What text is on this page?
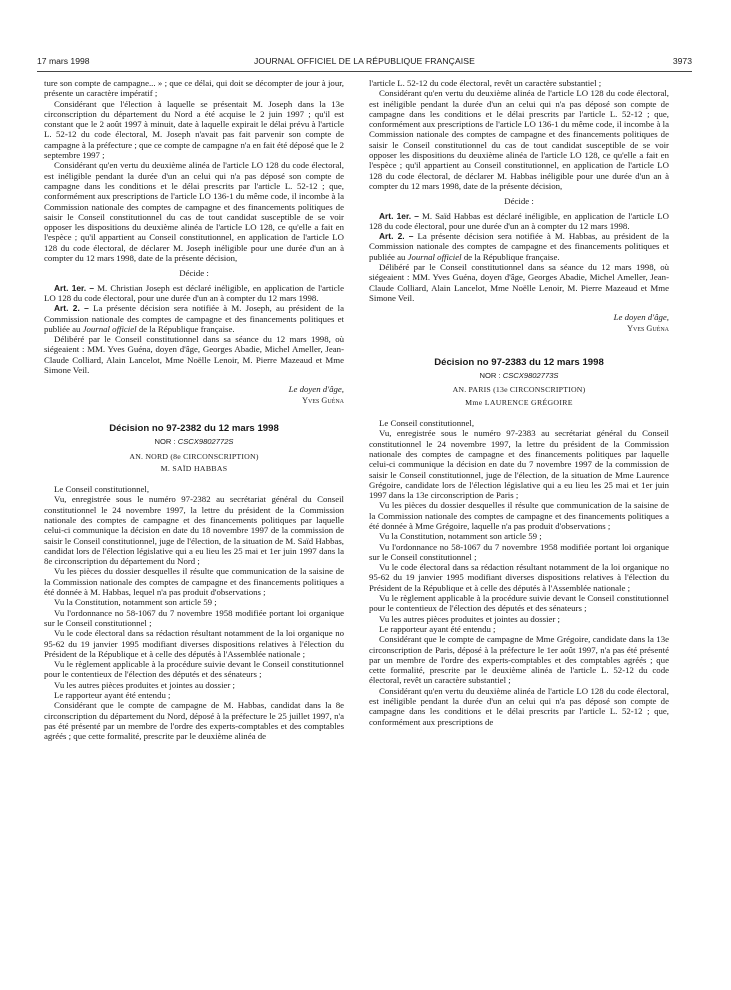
17 mars 1998	JOURNAL OFFICIEL DE LA RÉPUBLIQUE FRANÇAISE	3973

ture son compte de campagne... » ; que ce délai, qui doit se décompter de jour à jour, présente un caractère impératif ;

Considérant que l'élection à laquelle se présentait M. Joseph dans la 13e circonscription du département du Nord a été acquise le 2 juin 1997 ; qu'il est constant que le 2 août 1997 à minuit, date à laquelle expirait le délai prévu à l'article L. 52-12 du code électoral, M. Joseph n'avait pas fait parvenir son compte de campagne à la préfecture ; que ce compte de campagne n'a en fait été déposé que le 2 septembre 1997 ;

Considérant qu'en vertu du deuxième alinéa de l'article LO 128 du code électoral, est inéligible pendant la durée d'un an celui qui n'a pas déposé son compte de campagne dans les conditions et le délai prescrits par l'article L. 52-12 ; que, conformément aux prescriptions de l'article LO 136-1 du même code, il incombe à la Commission nationale des comptes de campagne et des financements politiques de saisir le Conseil constitutionnel du cas de tout candidat susceptible de se voir opposer les dispositions du deuxième alinéa de l'article LO 128, ce qu'elle a fait en l'espèce ; qu'il appartient au Conseil constitutionnel, en application de l'article LO 128 du code électoral, de déclarer M. Joseph inéligible pour une durée d'un an à compter du 12 mars 1998, date de la présente décision,

Décide :

Art. 1er. – M. Christian Joseph est déclaré inéligible, en application de l'article LO 128 du code électoral, pour une durée d'un an à compter du 12 mars 1998.

Art. 2. – La présente décision sera notifiée à M. Joseph, au président de la Commission nationale des comptes de campagne et des financements politiques et publiée au Journal officiel de la République française.

Délibéré par le Conseil constitutionnel dans sa séance du 12 mars 1998, où siégeaient : MM. Yves Guéna, doyen d'âge, Georges Abadie, Michel Ameller, Jean-Claude Colliard, Alain Lancelot, Mme Noëlle Lenoir, M. Pierre Mazeaud et Mme Simone Veil.

Le doyen d'âge,

Yves Guéna

Décision no 97-2382 du 12 mars 1998

NOR : CSCX9802772S

AN. NORD (8e CIRCONSCRIPTION)

M. SAÏD HABBAS

Le Conseil constitutionnel,

Vu, enregistrée sous le numéro 97-2382 au secrétariat général du Conseil constitutionnel le 24 novembre 1997, la lettre du président de la Commission nationale des comptes de campagne et des financements politiques par laquelle celui-ci communique la décision en date du 18 novembre 1997 de la commission de saisir le Conseil constitutionnel, juge de l'élection, de la situation de M. Saïd Habbas, candidat lors de l'élection législative qui a eu lieu les 25 mai et 1er juin 1997 dans la 8e circonscription du département du Nord ;

Vu les pièces du dossier desquelles il résulte que communication de la saisine de la Commission nationale des comptes de campagne et des financements politiques a été donnée à M. Habbas, lequel n'a pas produit d'observations ;

Vu la Constitution, notamment son article 59 ;

Vu l'ordonnance no 58-1067 du 7 novembre 1958 modifiée portant loi organique sur le Conseil constitutionnel ;

Vu le code électoral dans sa rédaction résultant notamment de la loi organique no 95-62 du 19 janvier 1995 modifiant diverses dispositions relatives à l'élection du Président de la République et à celle des députés à l'Assemblée nationale ;

Vu le règlement applicable à la procédure suivie devant le Conseil constitutionnel pour le contentieux de l'élection des députés et des sénateurs ;

Vu les autres pièces produites et jointes au dossier ;

Le rapporteur ayant été entendu ;

Considérant que le compte de campagne de M. Habbas, candidat dans la 8e circonscription du département du Nord, déposé à la préfecture le 25 juillet 1997, n'a pas été présenté par un membre de l'ordre des experts-comptables et des comptables agréés ; que cette formalité, prescrite par le deuxième alinéa de

l'article L. 52-12 du code électoral, revêt un caractère substantiel ;

Considérant qu'en vertu du deuxième alinéa de l'article LO 128 du code électoral, est inéligible pendant la durée d'un an celui qui n'a pas déposé son compte de campagne dans les conditions et le délai prescrits par l'article L. 52-12 ; que, conformément aux prescriptions de l'article LO 136-1 du même code, il incombe à la Commission nationale des comptes de campagne et des financements politiques de saisir le Conseil constitutionnel du cas de tout candidat susceptible de se voir opposer les dispositions du deuxième alinéa de l'article LO 128, ce qu'elle a fait en l'espèce ; qu'il appartient au Conseil constitutionnel, en application de l'article LO 128 du code électoral, de déclarer M. Habbas inéligible pour une durée d'un an à compter du 12 mars 1998, date de la présente décision,

Décide :

Art. 1er. – M. Saïd Habbas est déclaré inéligible, en application de l'article LO 128 du code électoral, pour une durée d'un an à compter du 12 mars 1998.

Art. 2. – La présente décision sera notifiée à M. Habbas, au président de la Commission nationale des comptes de campagne et des financements politiques et publiée au Journal officiel de la République française.

Délibéré par le Conseil constitutionnel dans sa séance du 12 mars 1998, où siégeaient : MM. Yves Guéna, doyen d'âge, Georges Abadie, Michel Ameller, Jean-Claude Colliard, Alain Lancelot, Mme Noëlle Lenoir, M. Pierre Mazeaud et Mme Simone Veil.

Le doyen d'âge,

Yves Guéna

Décision no 97-2383 du 12 mars 1998

NOR : CSCX9802773S

AN. PARIS (13e CIRCONSCRIPTION)

Mme LAURENCE GRÉGOIRE

Le Conseil constitutionnel,

Vu, enregistrée sous le numéro 97-2383 au secrétariat général du Conseil constitutionnel le 24 novembre 1997, la lettre du président de la Commission nationale des comptes de campagne et des financements politiques par laquelle celui-ci communique la décision en date du 7 novembre 1997 de la commission de saisir le Conseil constitutionnel, juge de l'élection, de la situation de Mme Laurence Grégoire, candidate lors de l'élection législative qui a eu lieu les 25 mai et 1er juin 1997 dans la 13e circonscription de Paris ;

Vu les pièces du dossier desquelles il résulte que communication de la saisine de la Commission nationale des comptes de campagne et des financements politiques a été donnée à Mme Grégoire, laquelle n'a pas produit d'observations ;

Vu la Constitution, notamment son article 59 ;

Vu l'ordonnance no 58-1067 du 7 novembre 1958 modifiée portant loi organique sur le Conseil constitutionnel ;

Vu le code électoral dans sa rédaction résultant notamment de la loi organique no 95-62 du 19 janvier 1995 modifiant diverses dispositions relatives à l'élection du Président de la République et à celle des députés à l'Assemblée nationale ;

Vu le règlement applicable à la procédure suivie devant le Conseil constitutionnel pour le contentieux de l'élection des députés et des sénateurs ;

Vu les autres pièces produites et jointes au dossier ;

Le rapporteur ayant été entendu ;

Considérant que le compte de campagne de Mme Grégoire, candidate dans la 13e circonscription de Paris, déposé à la préfecture le 1er août 1997, n'a pas été présenté par un membre de l'ordre des experts-comptables et des comptables agréés ; que cette formalité, prescrite par le deuxième alinéa de l'article L. 52-12 du code électoral, revêt un caractère substantiel ;

Considérant qu'en vertu du deuxième alinéa de l'article LO 128 du code électoral, est inéligible pendant la durée d'un an celui qui n'a pas déposé son compte de campagne dans les conditions et le délai prescrits par l'article L. 52-12 ; que, conformément aux prescriptions de
